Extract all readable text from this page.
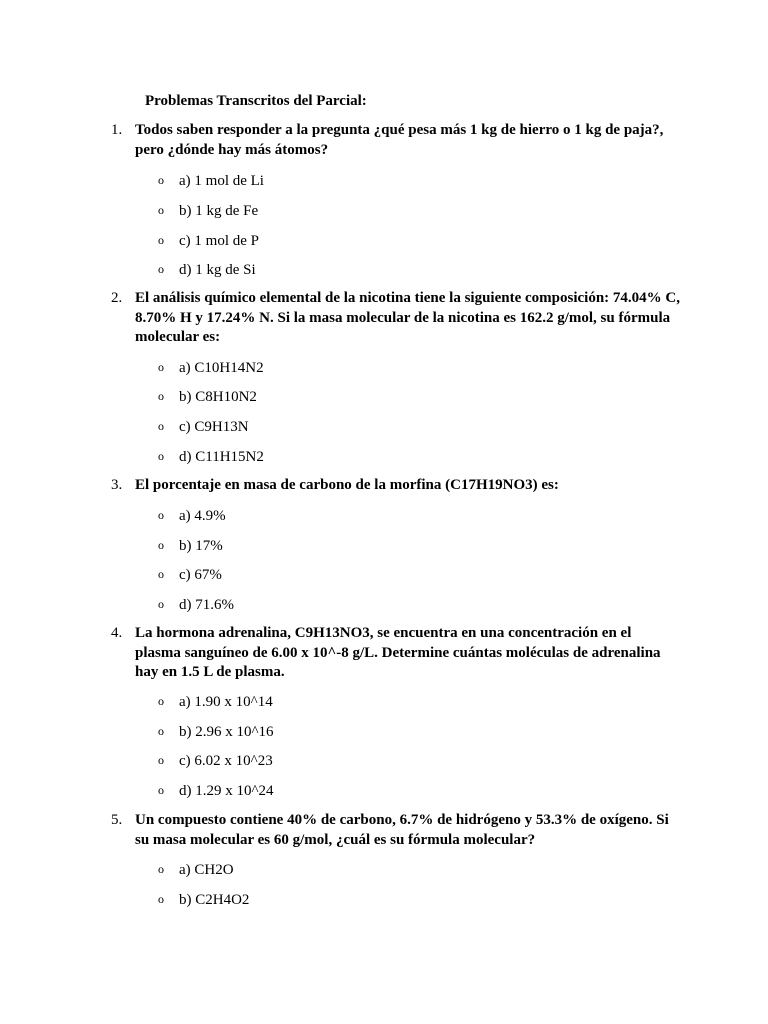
Problemas Transcritos del Parcial:
1. Todos saben responder a la pregunta ¿qué pesa más 1 kg de hierro o 1 kg de paja?, pero ¿dónde hay más átomos?
o a) 1 mol de Li
o b) 1 kg de Fe
o c) 1 mol de P
o d) 1 kg de Si
2. El análisis químico elemental de la nicotina tiene la siguiente composición: 74.04% C, 8.70% H y 17.24% N. Si la masa molecular de la nicotina es 162.2 g/mol, su fórmula molecular es:
o a) C10H14N2
o b) C8H10N2
o c) C9H13N
o d) C11H15N2
3. El porcentaje en masa de carbono de la morfina (C17H19NO3) es:
o a) 4.9%
o b) 17%
o c) 67%
o d) 71.6%
4. La hormona adrenalina, C9H13NO3, se encuentra en una concentración en el plasma sanguíneo de 6.00 x 10^-8 g/L. Determine cuántas moléculas de adrenalina hay en 1.5 L de plasma.
o a) 1.90 x 10^14
o b) 2.96 x 10^16
o c) 6.02 x 10^23
o d) 1.29 x 10^24
5. Un compuesto contiene 40% de carbono, 6.7% de hidrógeno y 53.3% de oxígeno. Si su masa molecular es 60 g/mol, ¿cuál es su fórmula molecular?
o a) CH2O
o b) C2H4O2
